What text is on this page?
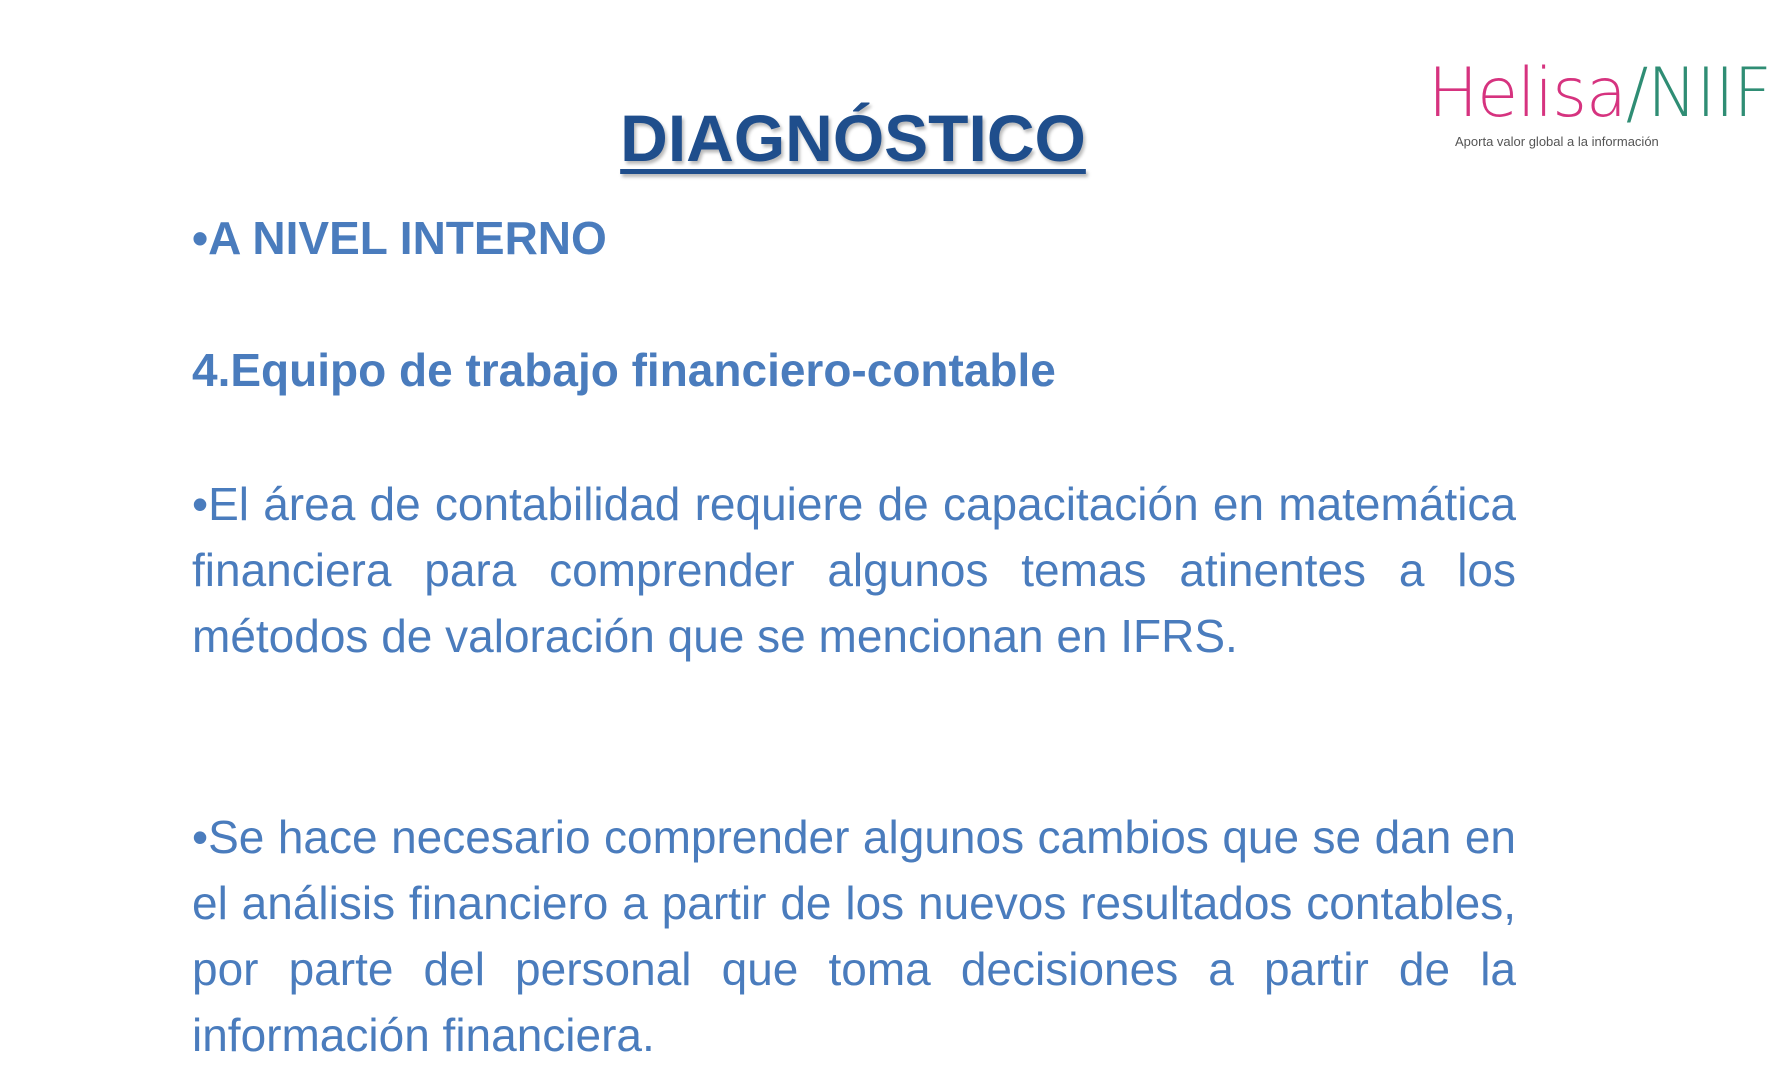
Helisa/NIIF
Aporta valor global a la información
DIAGNÓSTICO
•A NIVEL INTERNO
4.Equipo de trabajo financiero-contable
•El área de contabilidad requiere de capacitación en matemática financiera para comprender algunos temas atinentes a los métodos de valoración que se mencionan en IFRS.
•Se hace necesario comprender algunos cambios que se dan en el análisis financiero a partir de los nuevos resultados contables, por parte del personal que toma decisiones a partir de la información financiera.
